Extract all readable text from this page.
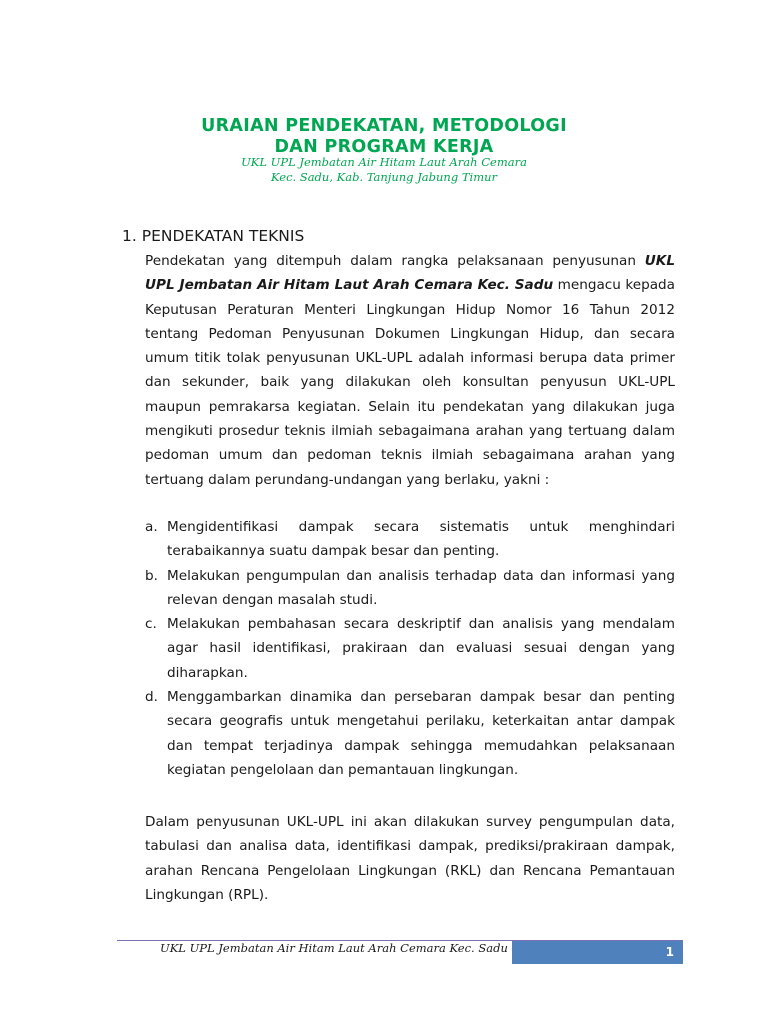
URAIAN PENDEKATAN, METODOLOGI
DAN PROGRAM KERJA
UKL UPL Jembatan Air Hitam Laut Arah Cemara
Kec. Sadu, Kab. Tanjung Jabung Timur
1. PENDEKATAN TEKNIS

Pendekatan yang ditempuh dalam rangka pelaksanaan penyusunan UKL UPL Jembatan Air Hitam Laut Arah Cemara Kec. Sadu mengacu kepada Keputusan Peraturan Menteri Lingkungan Hidup Nomor 16 Tahun 2012 tentang Pedoman Penyusunan Dokumen Lingkungan Hidup, dan secara umum titik tolak penyusunan UKL-UPL adalah informasi berupa data primer dan sekunder, baik yang dilakukan oleh konsultan penyusun UKL-UPL maupun pemrakarsa kegiatan. Selain itu pendekatan yang dilakukan juga mengikuti prosedur teknis ilmiah sebagaimana arahan yang tertuang dalam pedoman umum dan pedoman teknis ilmiah sebagaimana arahan yang tertuang dalam perundang-undangan yang berlaku, yakni :

a. Mengidentifikasi dampak secara sistematis untuk menghindari terabaikannya suatu dampak besar dan penting.
b. Melakukan pengumpulan dan analisis terhadap data dan informasi yang relevan dengan masalah studi.
c. Melakukan pembahasan secara deskriptif dan analisis yang mendalam agar hasil identifikasi, prakiraan dan evaluasi sesuai dengan yang diharapkan.
d. Menggambarkan dinamika dan persebaran dampak besar dan penting secara geografis untuk mengetahui perilaku, keterkaitan antar dampak dan tempat terjadinya dampak sehingga memudahkan pelaksanaan kegiatan pengelolaan dan pemantauan lingkungan.

Dalam penyusunan UKL-UPL ini akan dilakukan survey pengumpulan data, tabulasi dan analisa data, identifikasi dampak, prediksi/prakiraan dampak, arahan Rencana Pengelolaan Lingkungan (RKL) dan Rencana Pemantauan Lingkungan (RPL).

UKL UPL Jembatan Air Hitam Laut Arah Cemara Kec. Sadu	1
